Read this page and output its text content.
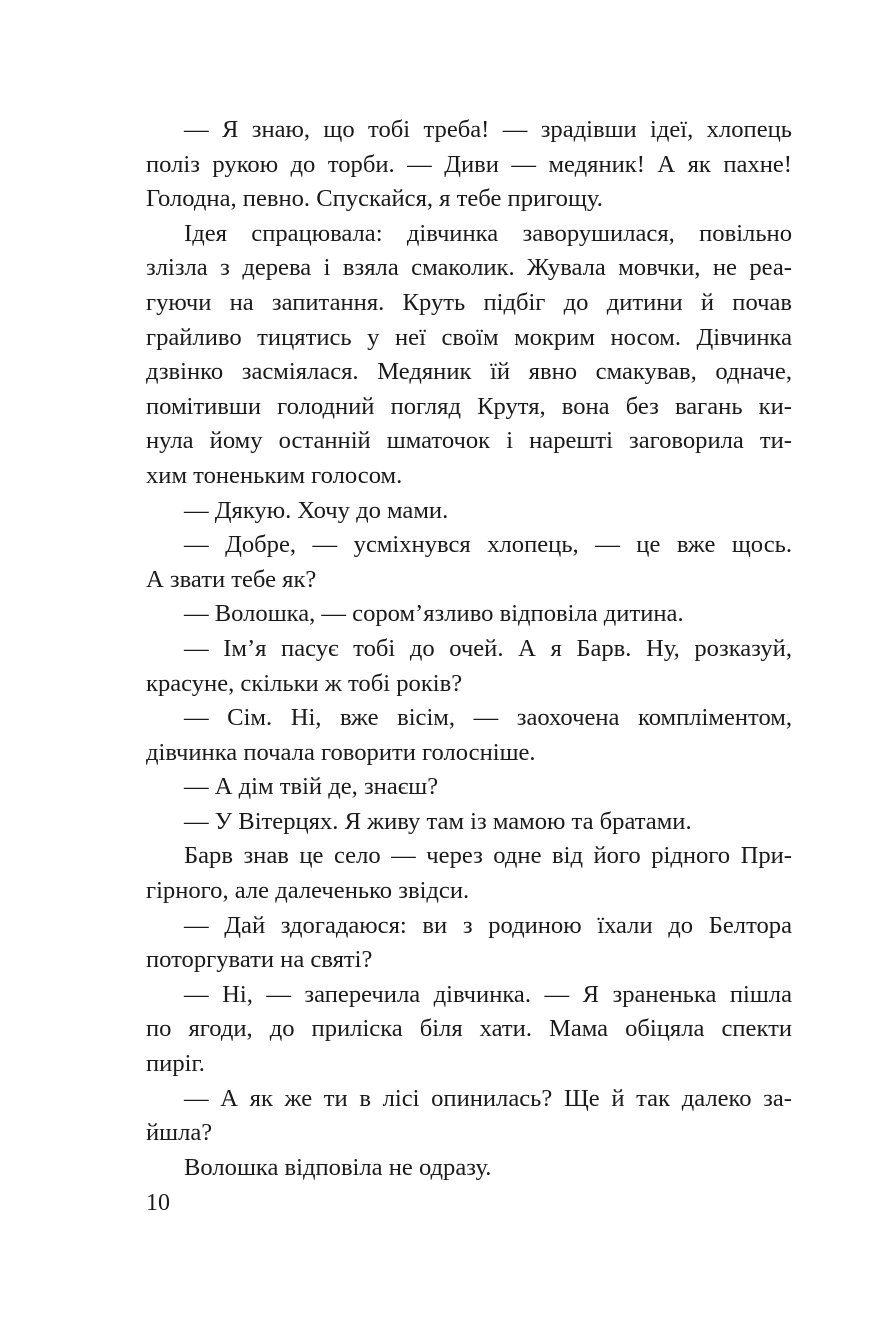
— Я знаю, що тобі треба! — зрадівши ідеї, хлопець
поліз рукою до торби. — Диви — медяник! А як пахне!
Голодна, певно. Спускайся, я тебе пригощу.
Ідея спрацювала: дівчинка заворушилася, повільно
злізла з дерева і взяла смаколик. Жувала мовчки, не реа-
гуючи на запитання. Круть підбіг до дитини й почав
грайливо тицятись у неї своїм мокрим носом. Дівчинка
дзвінко засміялася. Медяник їй явно смакував, одначе,
помітивши голодний погляд Крутя, вона без вагань ки-
нула йому останній шматочок і нарешті заговорила ти-
хим тоненьким голосом.
— Дякую. Хочу до мами.
— Добре, — усміхнувся хлопець, — це вже щось.
А звати тебе як?
— Волошка, — сором’язливо відповіла дитина.
— Ім’я пасує тобі до очей. А я Барв. Ну, розказуй,
красуне, скільки ж тобі років?
— Сім. Ні, вже вісім, — заохочена компліментом,
дівчинка почала говорити голосніше.
— А дім твій де, знаєш?
— У Вітерцях. Я живу там із мамою та братами.
Барв знав це село — через одне від його рідного При-
гірного, але далеченько звідси.
— Дай здогадаюся: ви з родиною їхали до Белтора
поторгувати на святі?
— Ні, — заперечила дівчинка. — Я зраненька пішла
по ягоди, до приліска біля хати. Мама обіцяла спекти
пиріг.
— А як же ти в лісі опинилась? Ще й так далеко за-
йшла?
Волошка відповіла не одразу.
10
